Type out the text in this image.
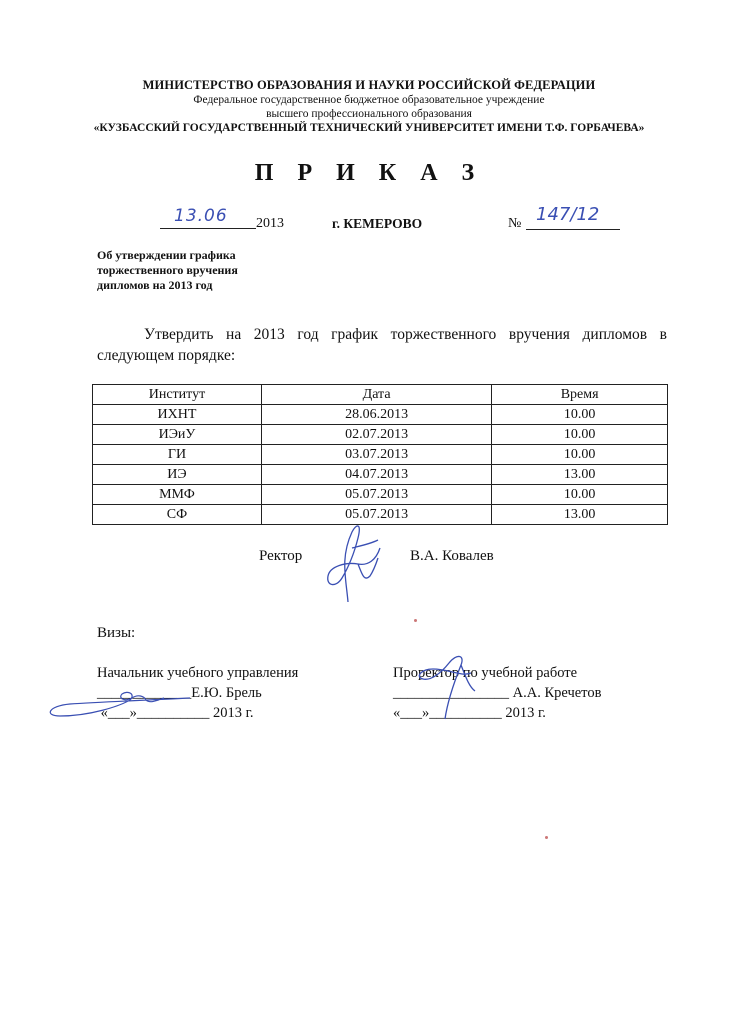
МИНИСТЕРСТВО ОБРАЗОВАНИЯ И НАУКИ РОССИЙСКОЙ ФЕДЕРАЦИИ
Федеральное государственное бюджетное образовательное учреждение
высшего профессионального образования
«КУЗБАССКИЙ ГОСУДАРСТВЕННЫЙ ТЕХНИЧЕСКИЙ УНИВЕРСИТЕТ ИМЕНИ Т.Ф. ГОРБАЧЕВА»
П Р И К А З
13.06 2013	г. КЕМЕРОВО	№ 147/12
Об утверждении графика
торжественного вручения
дипломов на 2013 год
Утвердить на 2013 год график торжественного вручения дипломов в следующем порядке:
Институт	Дата	Время
ИХНТ	28.06.2013	10.00
ИЭиУ	02.07.2013	10.00
ГИ	03.07.2013	10.00
ИЭ	04.07.2013	13.00
ММФ	05.07.2013	10.00
СФ	05.07.2013	13.00
Ректор	В.А. Ковалев
Визы:
Начальник учебного управления
_____________Е.Ю. Брель
«___»__________ 2013 г.
Проректор по учебной работе
________________ А.А. Кречетов
«___»__________ 2013 г.
